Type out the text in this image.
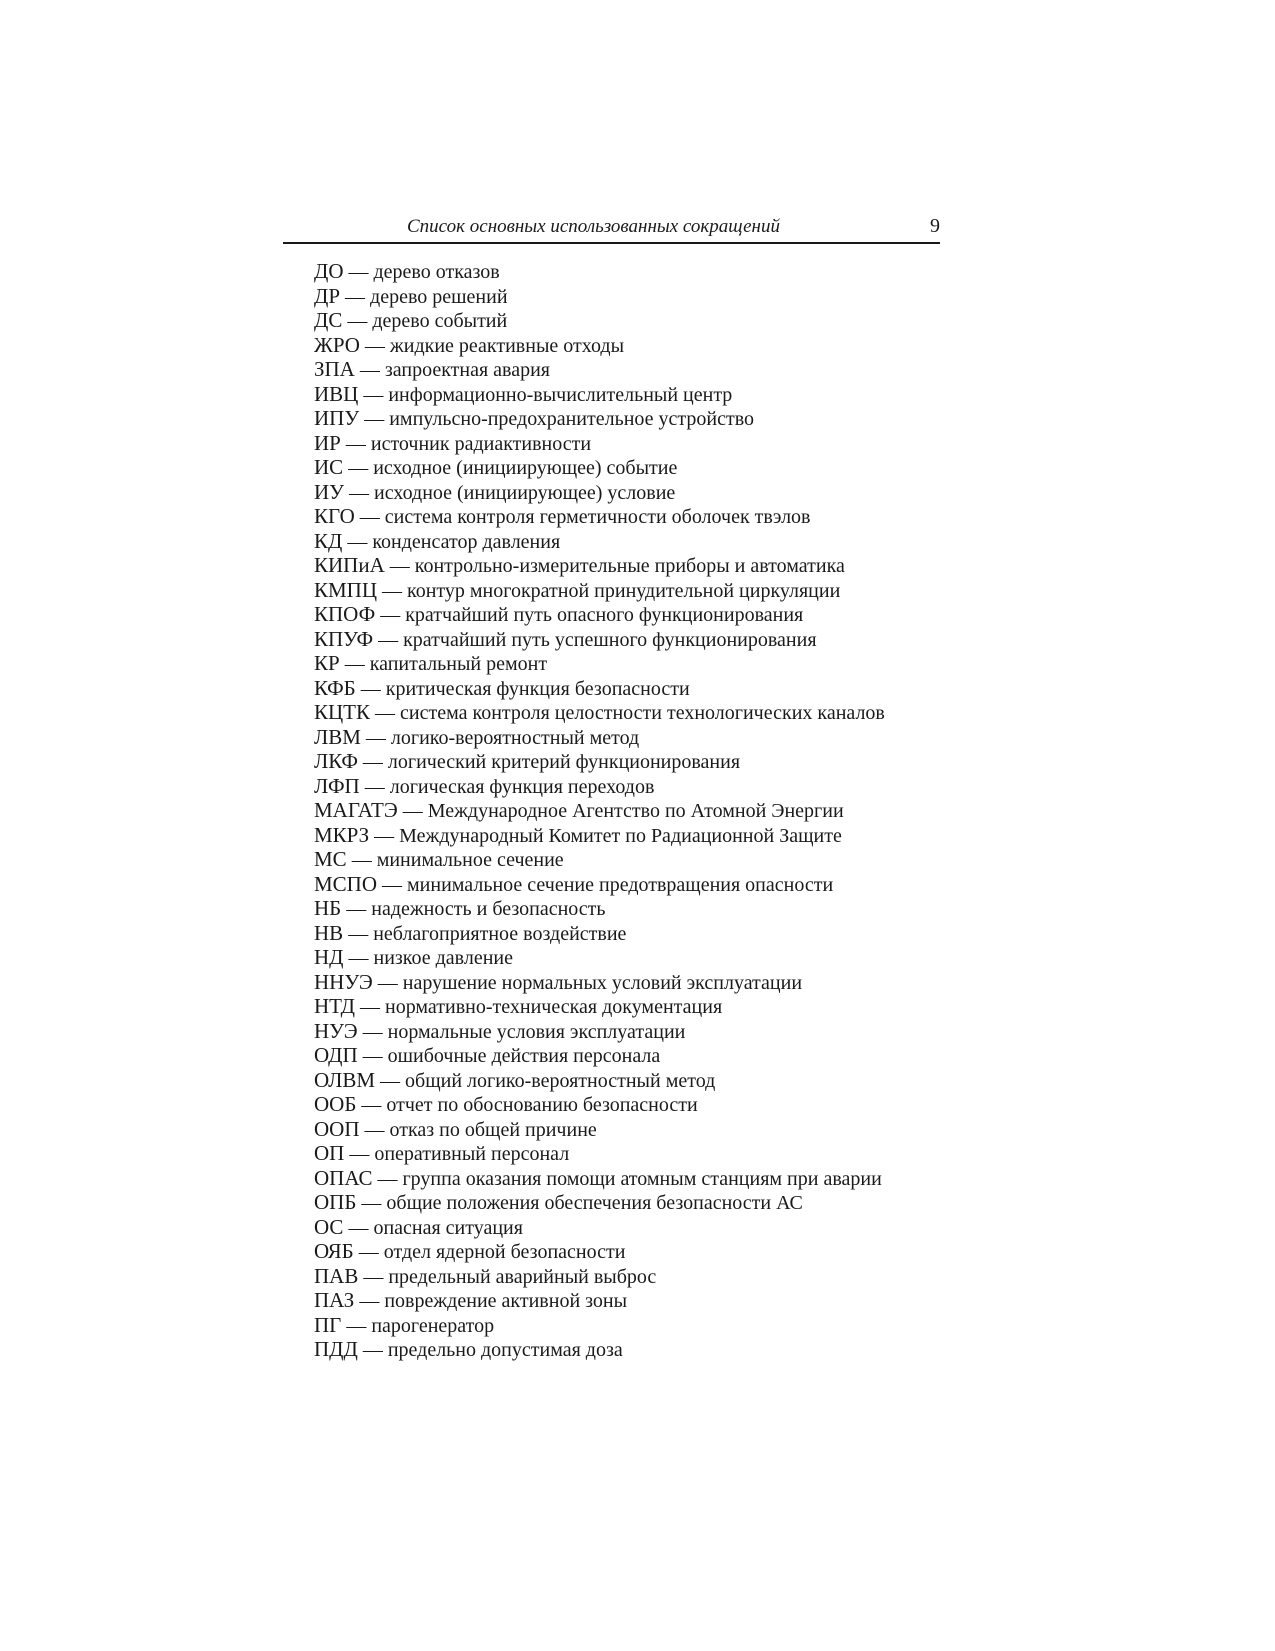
Список основных использованных сокращений	9
ДО — дерево отказов
ДР — дерево решений
ДС — дерево событий
ЖРО — жидкие реактивные отходы
ЗПА — запроектная авария
ИВЦ — информационно-вычислительный центр
ИПУ — импульсно-предохранительное устройство
ИР — источник радиактивности
ИС — исходное (инициирующее) событие
ИУ — исходное (инициирующее) условие
КГО — система контроля герметичности оболочек твэлов
КД — конденсатор давления
КИПиА — контрольно-измерительные приборы и автоматика
КМПЦ — контур многократной принудительной циркуляции
КПОФ — кратчайший путь опасного функционирования
КПУФ — кратчайший путь успешного функционирования
КР — капитальный ремонт
КФБ — критическая функция безопасности
КЦТК — система контроля целостности технологических каналов
ЛВМ — логико-вероятностный метод
ЛКФ — логический критерий функционирования
ЛФП — логическая функция переходов
МАГАТЭ — Международное Агентство по Атомной Энергии
МКРЗ — Международный Комитет по Радиационной Защите
МС — минимальное сечение
МСПО — минимальное сечение предотвращения опасности
НБ — надежность и безопасность
НВ — неблагоприятное воздействие
НД — низкое давление
ННУЭ — нарушение нормальных условий эксплуатации
НТД — нормативно-техническая документация
НУЭ — нормальные условия эксплуатации
ОДП — ошибочные действия персонала
ОЛВМ — общий логико-вероятностный метод
ООБ — отчет по обоснованию безопасности
ООП — отказ по общей причине
ОП — оперативный персонал
ОПАС — группа оказания помощи атомным станциям при аварии
ОПБ — общие положения обеспечения безопасности АС
ОС — опасная ситуация
ОЯБ — отдел ядерной безопасности
ПАВ — предельный аварийный выброс
ПАЗ — повреждение активной зоны
ПГ — парогенератор
ПДД — предельно допустимая доза
